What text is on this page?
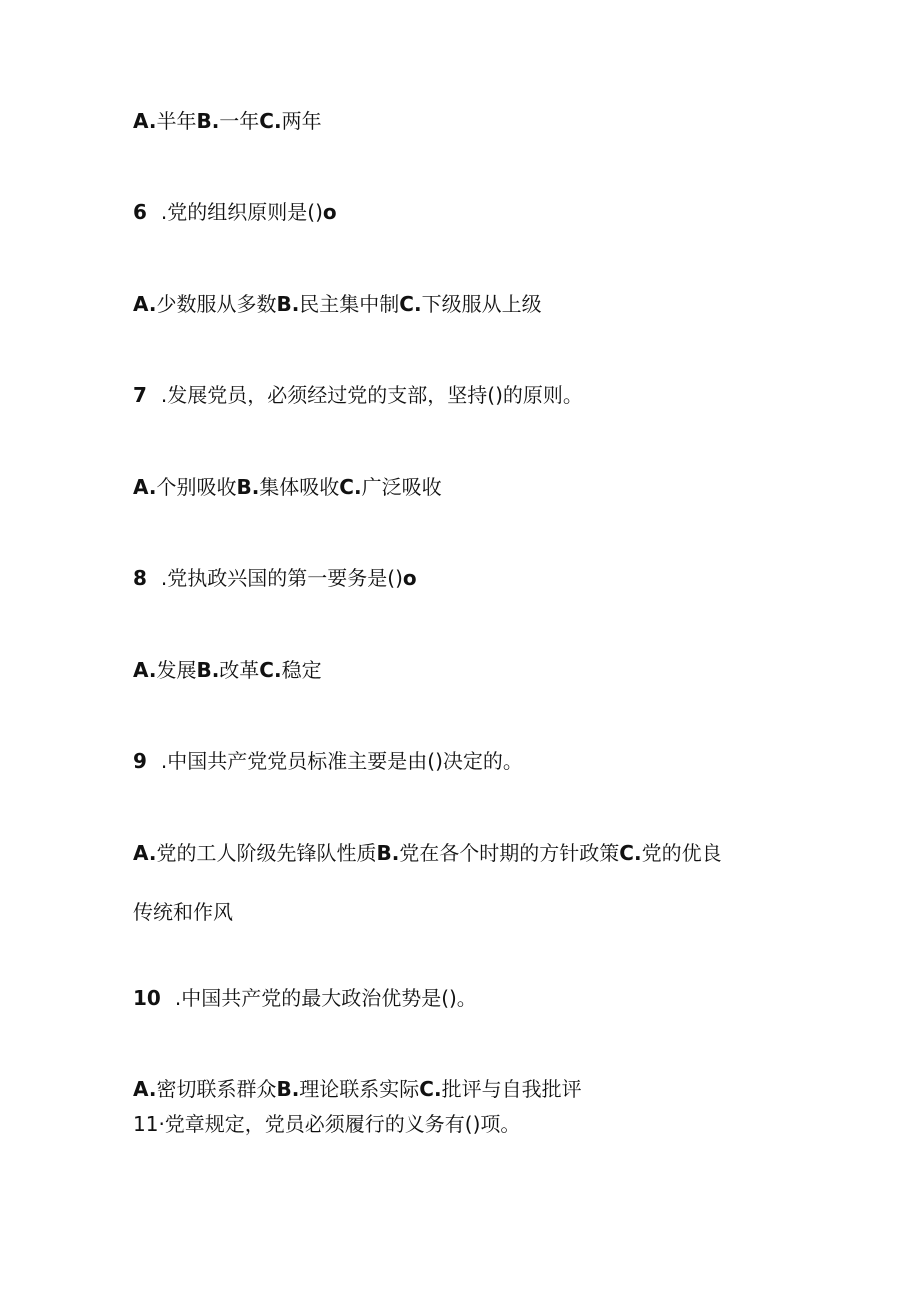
A.半年B.一年C.两年
6 .党的组织原则是()o
A.少数服从多数B.民主集中制C.下级服从上级
7 .发展党员，必须经过党的支部，坚持()的原则。
A.个别吸收B.集体吸收C.广泛吸收
8 .党执政兴国的第一要务是()o
A.发展B.改革C.稳定
9 .中国共产党党员标准主要是由()决定的。
A.党的工人阶级先锋队性质B.党在各个时期的方针政策C.党的优良
传统和作风
10 .中国共产党的最大政治优势是()。
A.密切联系群众B.理论联系实际C.批评与自我批评
11·党章规定，党员必须履行的义务有()项。
